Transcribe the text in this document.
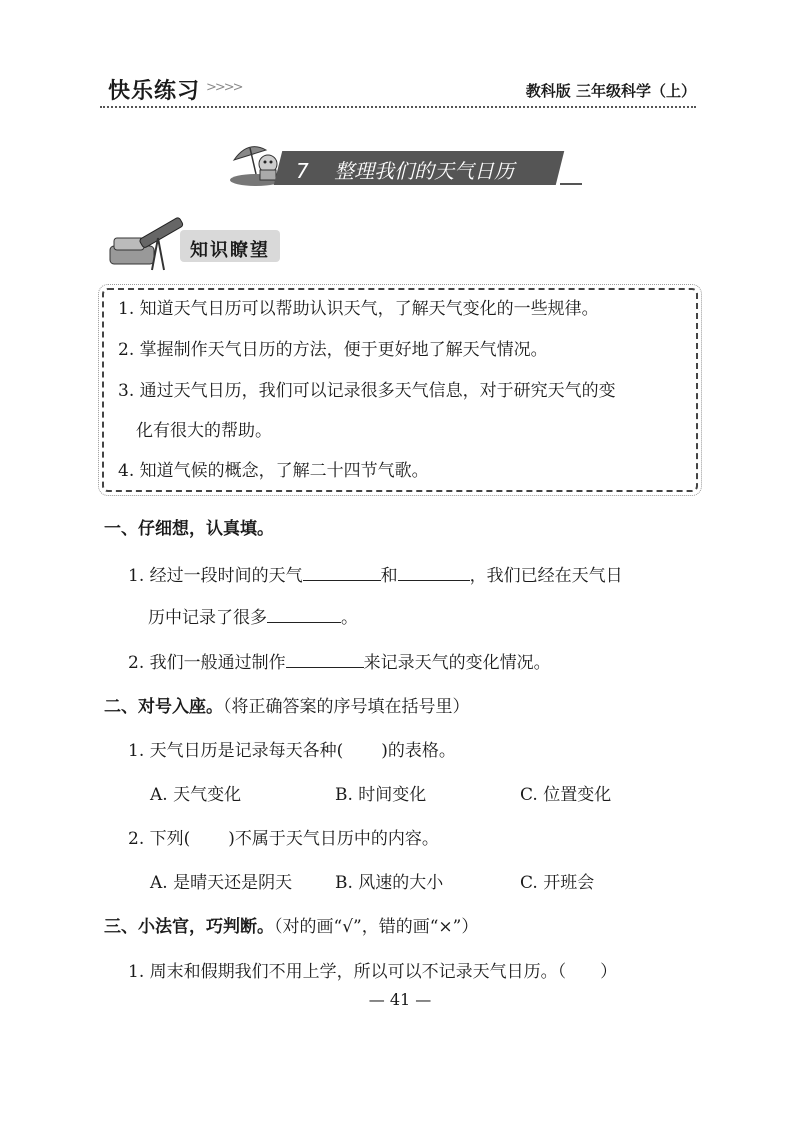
快乐练习 >>>>	教科版 三年级科学（上）
7 整理我们的天气日历
知识瞭望
1. 知道天气日历可以帮助认识天气，了解天气变化的一些规律。
2. 掌握制作天气日历的方法，便于更好地了解天气情况。
3. 通过天气日历，我们可以记录很多天气信息，对于研究天气的变
化有很大的帮助。
4. 知道气候的概念，了解二十四节气歌。
一、仔细想，认真填。
1. 经过一段时间的天气	和	，我们已经在天气日
历中记录了很多	。
2. 我们一般通过制作	来记录天气的变化情况。
二、对号入座。（将正确答案的序号填在括号里）
1. 天气日历是记录每天各种( )的表格。
A. 天气变化	B. 时间变化	C. 位置变化
2. 下列( )不属于天气日历中的内容。
A. 是晴天还是阴天	B. 风速的大小	C. 开班会
三、小法官，巧判断。（对的画“√”，错的画“×”）
1. 周末和假期我们不用上学，所以可以不记录天气日历。（　　）
— 41 —
